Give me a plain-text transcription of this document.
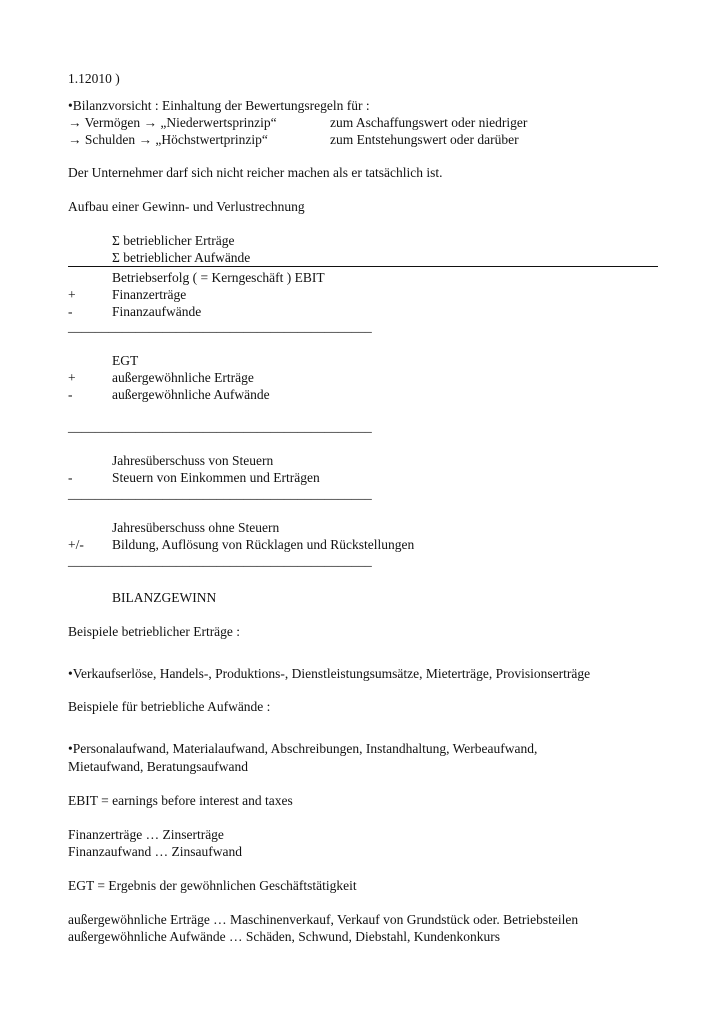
1.12010 )
•Bilanzvorsicht : Einhaltung der Bewertungsregeln für :
→ Vermögen → „Niederwertsprinzip“	zum Aschaffungswert oder niedriger
→ Schulden → „Höchstwertprinzip“	zum Entstehungswert oder darüber
Der Unternehmer darf sich nicht reicher machen als er tatsächlich ist.
Aufbau einer Gewinn- und Verlustrechnung
Σ betrieblicher Erträge
Σ betrieblicher Aufwände
Betriebserfolg ( = Kerngeschäft ) EBIT
+	Finanzerträge
-	Finanzaufwände
_____________________________________________
EGT
+	außergewöhnliche Erträge
-	außergewöhnliche Aufwände
_____________________________________________
Jahresüberschuss von Steuern
-	Steuern von Einkommen und Erträgen
_____________________________________________
Jahresüberschuss ohne Steuern
+/- Bildung, Auflösung von Rücklagen und Rückstellungen
_____________________________________________
BILANZGEWINN
Beispiele betrieblicher Erträge :
•Verkaufserlöse, Handels-, Produktions-, Dienstleistungsumsätze, Mieterträge, Provisionserträge
Beispiele für betriebliche Aufwände :
•Personalaufwand, Materialaufwand, Abschreibungen, Instandhaltung, Werbeaufwand,
Mietaufwand, Beratungsaufwand
EBIT = earnings before interest and taxes
Finanzerträge … Zinserträge
Finanzaufwand … Zinsaufwand
EGT = Ergebnis der gewöhnlichen Geschäftstätigkeit
außergewöhnliche Erträge … Maschinenverkauf, Verkauf von Grundstück oder. Betriebsteilen
außergewöhnliche Aufwände … Schäden, Schwund, Diebstahl, Kundenkonkurs
